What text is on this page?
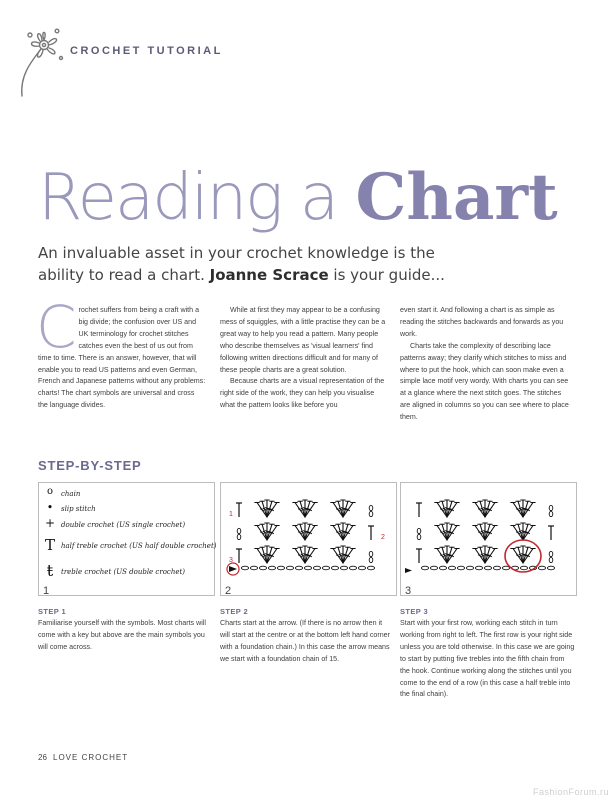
CROCHET TUTORIAL
Reading a Chart
An invaluable asset in your crochet knowledge is the
ability to read a chart. Joanne Scrace is your guide...
C rochet suffers from being a craft with a big divide; the confusion over US and UK terminology for crochet stitches catches even the best of us out from time to time. There is an answer, however, that will enable you to read US patterns and even German, French and Japanese patterns without any problems: charts! The chart symbols are universal and cross the language divides.

While at first they may appear to be a confusing mess of squiggles, with a little practise they can be a great way to help you read a pattern. Many people who describe themselves as 'visual learners' find following written directions difficult and for many of these people charts are a great solution.

Because charts are a visual representation of the right side of the work, they can help you visualise what the pattern looks like before you

even start it. And following a chart is as simple as reading the stitches backwards and forwards as you work.

Charts take the complexity of describing lace patterns away; they clarify which stitches to miss and where to put the hook, which can soon make even a simple lace motif very wordy. With charts you can see at a glance where the next stitch goes. The stitches are aligned in columns so you can see where to place them.

STEP-BY-STEP
o	chain
•	slip stitch
+ double crochet (US single crochet)
T half treble crochet (US half double crochet)
ŧ	treble crochet (US double crochet)
1
1
2
3
2	3
STEP 1
Familiarise yourself with the symbols. Most charts will come with a key but above are the main symbols you will come across.
STEP 2
Charts start at the arrow. (If there is no arrow then it will start at the centre or at the bottom left hand corner with a foundation chain.) In this case the arrow means we start with a foundation chain of 15.
STEP 3
Start with your first row, working each stitch in turn working from right to left. The first row is your right side unless you are told otherwise. In this case we are going to start by putting five trebles into the fifth chain from the hook. Continue working along the stitches until you come to the end of a row (in this case a half treble into the final chain).
26 LOVE CROCHET
FashionForum.ru
